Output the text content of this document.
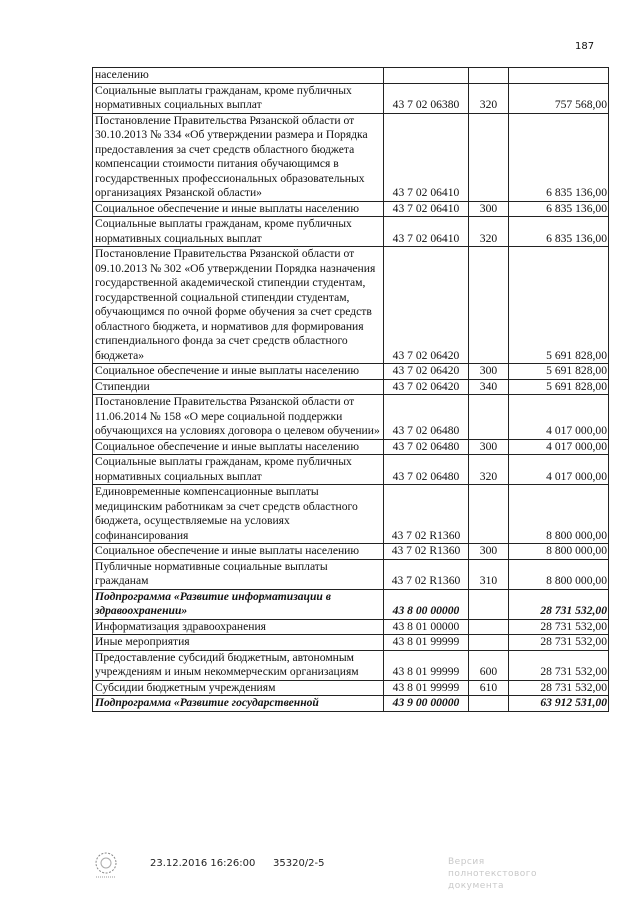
187
населению			
Социальные выплаты гражданам, кроме публичных нормативных социальных выплат	43 7 02 06380	320	757 568,00
Постановление Правительства Рязанской области от 30.10.2013 № 334 «Об утверждении размера и Порядка предоставления за счет средств областного бюджета компенсации стоимости питания обучающимся в государственных профессиональных образовательных организациях Рязанской области»	43 7 02 06410		6 835 136,00
Социальное обеспечение и иные выплаты населению	43 7 02 06410	300	6 835 136,00
Социальные выплаты гражданам, кроме публичных нормативных социальных выплат	43 7 02 06410	320	6 835 136,00
Постановление Правительства Рязанской области от 09.10.2013 № 302 «Об утверждении Порядка назначения государственной академической стипендии студентам, государственной социальной стипендии студентам, обучающимся по очной форме обучения за счет средств областного бюджета, и нормативов для формирования стипендиального фонда за счет средств областного бюджета»	43 7 02 06420		5 691 828,00
Социальное обеспечение и иные выплаты населению	43 7 02 06420	300	5 691 828,00
Стипендии	43 7 02 06420	340	5 691 828,00
Постановление Правительства Рязанской области от 11.06.2014 № 158 «О мере социальной поддержки обучающихся на условиях договора о целевом обучении»	43 7 02 06480		4 017 000,00
Социальное обеспечение и иные выплаты населению	43 7 02 06480	300	4 017 000,00
Социальные выплаты гражданам, кроме публичных нормативных социальных выплат	43 7 02 06480	320	4 017 000,00
Единовременные компенсационные выплаты медицинским работникам за счет средств областного бюджета, осуществляемые на условиях софинансирования	43 7 02 R1360		8 800 000,00
Социальное обеспечение и иные выплаты населению	43 7 02 R1360	300	8 800 000,00
Публичные нормативные социальные выплаты гражданам	43 7 02 R1360	310	8 800 000,00
Подпрограмма «Развитие информатизации в здравоохранении»	43 8 00 00000		28 731 532,00
Информатизация здравоохранения	43 8 01 00000		28 731 532,00
Иные мероприятия	43 8 01 99999		28 731 532,00
Предоставление субсидий бюджетным, автономным учреждениям и иным некоммерческим организациям	43 8 01 99999	600	28 731 532,00
Субсидии бюджетным учреждениям	43 8 01 99999	610	28 731 532,00
Подпрограмма «Развитие государственной	43 9 00 00000		63 912 531,00
23.12.2016 16:26:00 35320/2-5	Версия полнотекстового документа
